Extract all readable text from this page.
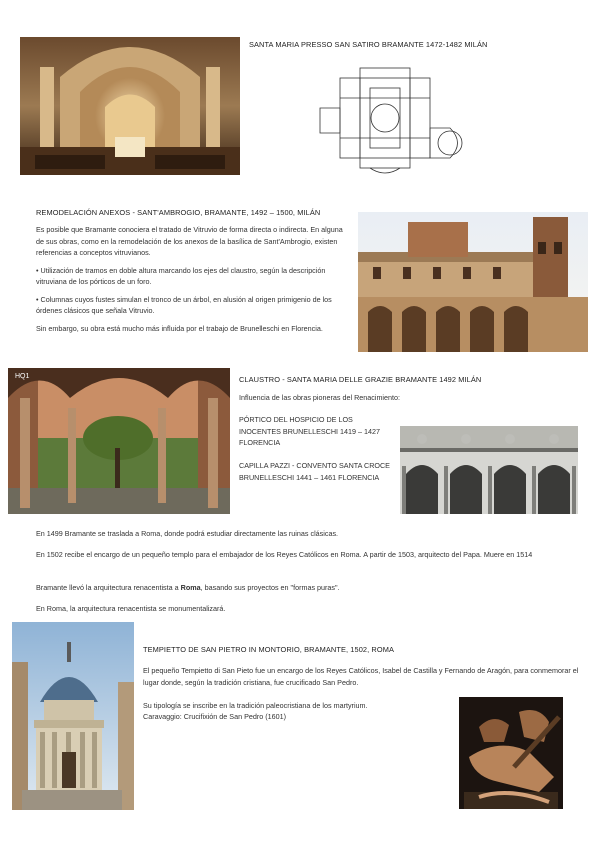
SANTA MARIA PRESSO SAN SATIRO BRAMANTE 1472-1482 MILÁN
REMODELACIÓN ANEXOS - SANT'AMBROGIO, BRAMANTE, 1492 – 1500, MILÁN

Es posible que Bramante conociera el tratado de Vitruvio de forma directa o indirecta. En alguna de sus obras, como en la remodelación de los anexos de la basílica de Sant'Ambrogio, existen referencias a conceptos vitruvianos.

• Utilización de tramos en doble altura marcando los ejes del claustro, según la descripción vitruviana de los pórticos de un foro.

• Columnas cuyos fustes simulan el tronco de un árbol, en alusión al origen primigenio de los órdenes clásicos que señala Vitruvio.

Sin embargo, su obra está mucho más influida por el trabajo de Brunelleschi en Florencia.

HQ1	CLAUSTRO - SANTA MARIA DELLE GRAZIE BRAMANTE 1492 MILÁN
Influencia de las obras pioneras del Renacimiento:
PÓRTICO DEL HOSPICIO DE LOS INOCENTES BRUNELLESCHI 1419 – 1427 FLORENCIA
CAPILLA PAZZI - CONVENTO SANTA CROCE BRUNELLESCHI 1441 – 1461 FLORENCIA
En 1499 Bramante se traslada a Roma, donde podrá estudiar directamente las ruinas clásicas.
En 1502 recibe el encargo de un pequeño templo para el embajador de los Reyes Católicos en Roma. A partir de 1503, arquitecto del Papa. Muere en 1514
Bramante llevó la arquitectura renacentista a Roma, basando sus proyectos en "formas puras".
En Roma, la arquitectura renacentista se monumentalizará.
TEMPIETTO DE SAN PIETRO IN MONTORIO, BRAMANTE, 1502, ROMA
El pequeño Tempietto di San Pieto fue un encargo de los Reyes Católicos, Isabel de Castilla y Fernando de Aragón, para conmemorar el lugar donde, según la tradición cristiana, fue crucificado San Pedro.
Su tipología se inscribe en la tradición paleocristiana de los martyrium.
Caravaggio: Crucifixión de San Pedro (1601)
